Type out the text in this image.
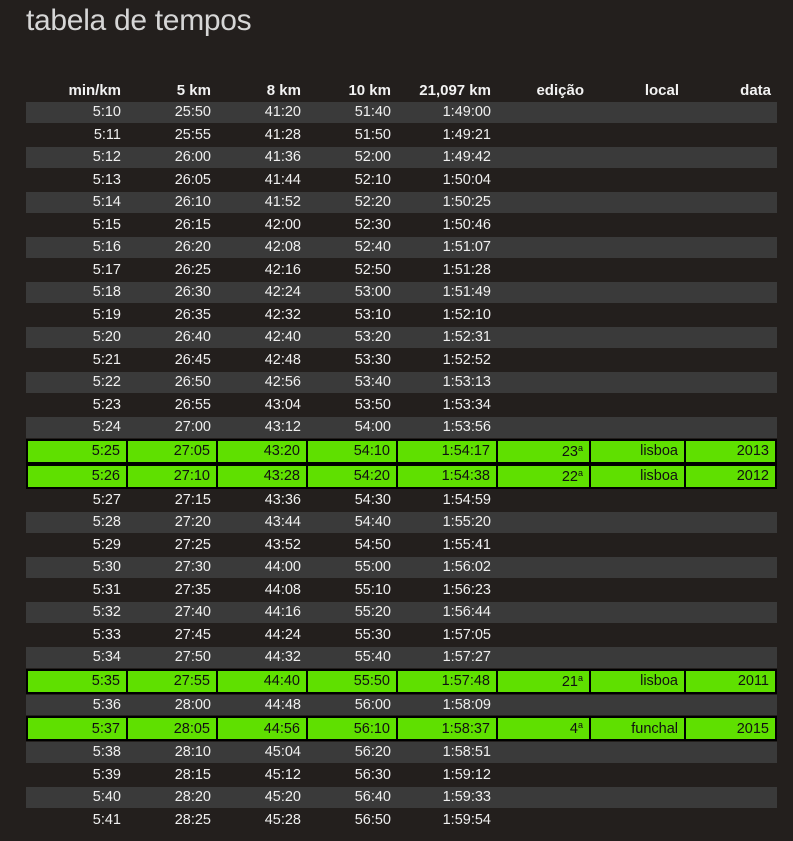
tabela de tempos
min/km	5 km	8 km	10 km	21,097 km	edição	local	data
5:10	25:50	41:20	51:40	1:49:00			
5:11	25:55	41:28	51:50	1:49:21			
5:12	26:00	41:36	52:00	1:49:42			
5:13	26:05	41:44	52:10	1:50:04			
5:14	26:10	41:52	52:20	1:50:25			
5:15	26:15	42:00	52:30	1:50:46			
5:16	26:20	42:08	52:40	1:51:07			
5:17	26:25	42:16	52:50	1:51:28			
5:18	26:30	42:24	53:00	1:51:49			
5:19	26:35	42:32	53:10	1:52:10			
5:20	26:40	42:40	53:20	1:52:31			
5:21	26:45	42:48	53:30	1:52:52			
5:22	26:50	42:56	53:40	1:53:13			
5:23	26:55	43:04	53:50	1:53:34			
5:24	27:00	43:12	54:00	1:53:56			
5:25	27:05	43:20	54:10	1:54:17	23$^a$	lisboa	2013
5:26	27:10	43:28	54:20	1:54:38	22$^a$	lisboa	2012
5:27	27:15	43:36	54:30	1:54:59			
5:28	27:20	43:44	54:40	1:55:20			
5:29	27:25	43:52	54:50	1:55:41			
5:30	27:30	44:00	55:00	1:56:02			
5:31	27:35	44:08	55:10	1:56:23			
5:32	27:40	44:16	55:20	1:56:44			
5:33	27:45	44:24	55:30	1:57:05			
5:34	27:50	44:32	55:40	1:57:27			
5:35	27:55	44:40	55:50	1:57:48	21$^a$	lisboa	2011
5:36	28:00	44:48	56:00	1:58:09			
5:37	28:05	44:56	56:10	1:58:37	4$^a$	funchal	2015
5:38	28:10	45:04	56:20	1:58:51			
5:39	28:15	45:12	56:30	1:59:12			
5:40	28:20	45:20	56:40	1:59:33			
5:41	28:25	45:28	56:50	1:59:54			
